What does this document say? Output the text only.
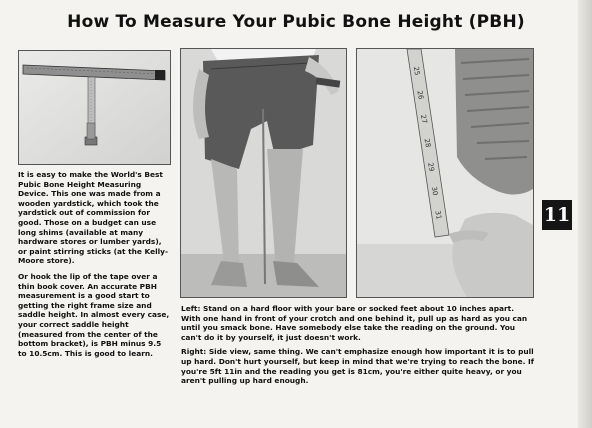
How To Measure Your Pubic Bone Height (PBH)
25
26
27
28
29
30
31

It is easy to make the World's Best Pubic Bone Height Measuring Device. This one was made from a wooden yardstick, which took the yardstick out of commission for good. Those on a budget can use long shims (available at many hardware stores or lumber yards), or paint stirring sticks (at the Kelly-Moore store).

Or hook the lip of the tape over a thin book cover. An accurate PBH measurement is a good start to getting the right frame size and saddle height. In almost every case, your correct saddle height (measured from the center of the bottom bracket), is PBH minus 9.5 to 10.5cm. This is good to learn.

Left: Stand on a hard floor with your bare or socked feet about 10 inches apart. With one hand in front of your crotch and one behind it, pull up as hard as you can until you smack bone. Have somebody else take the reading on the ground. You can't do it by yourself, it just doesn't work.

Right: Side view, same thing. We can't emphasize enough how important it is to pull up hard. Don't hurt yourself, but keep in mind that we're trying to reach the bone. If you're 5ft 11in and the reading you get is 81cm, you're either quite heavy, or you aren't pulling up hard enough.

11
